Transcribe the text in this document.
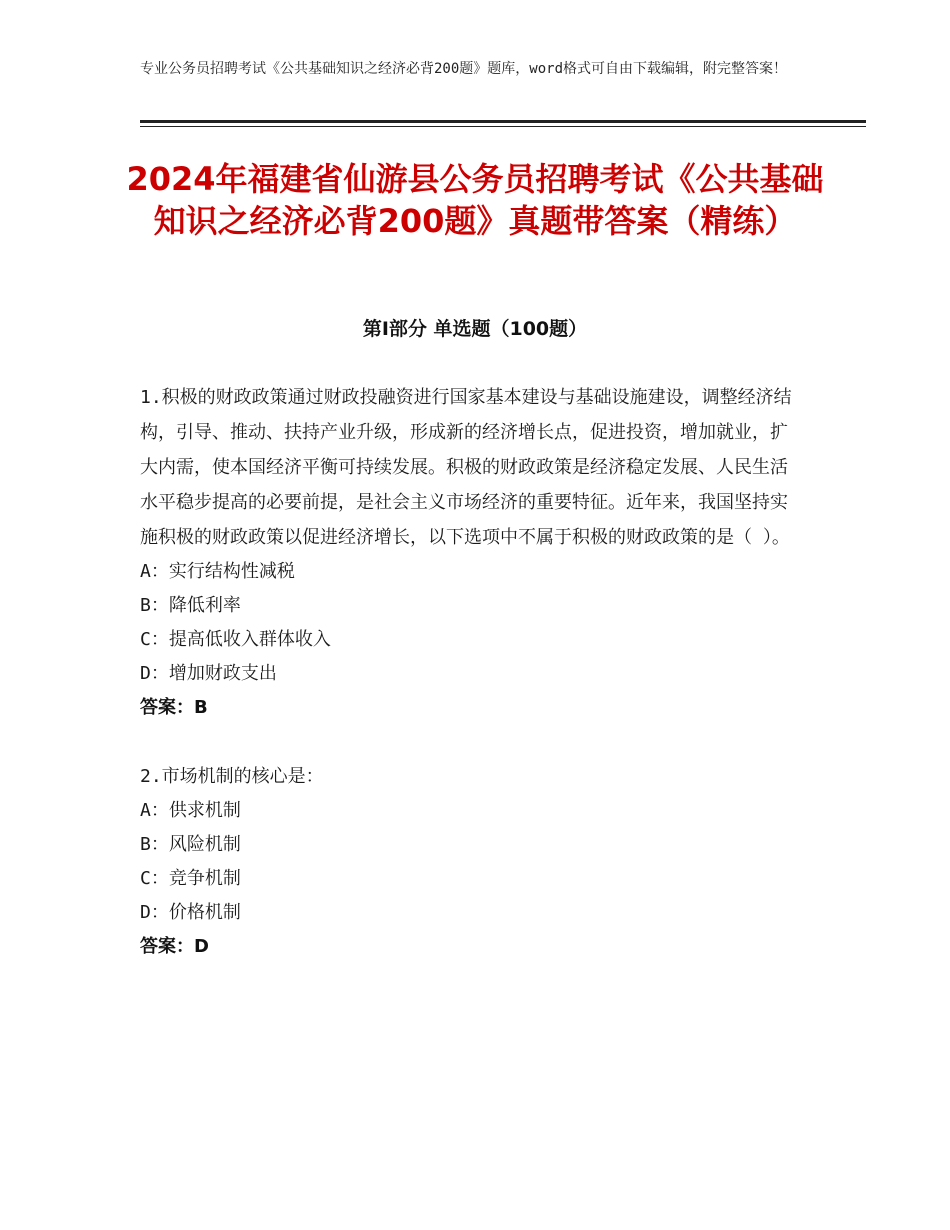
专业公务员招聘考试《公共基础知识之经济必背200题》题库，word格式可自由下载编辑，附完整答案！
2024年福建省仙游县公务员招聘考试《公共基础知识之经济必背200题》真题带答案（精练）
第Ⅰ部分 单选题（100题）
1.积极的财政政策通过财政投融资进行国家基本建设与基础设施建设，调整经济结构，引导、推动、扶持产业升级，形成新的经济增长点，促进投资，增加就业，扩大内需，使本国经济平衡可持续发展。积极的财政政策是经济稳定发展、人民生活水平稳步提高的必要前提，是社会主义市场经济的重要特征。近年来，我国坚持实施积极的财政政策以促进经济增长，以下选项中不属于积极的财政政策的是（ ）。
A：实行结构性减税
B：降低利率
C：提高低收入群体收入
D：增加财政支出
答案：B
2.市场机制的核心是：
A：供求机制
B：风险机制
C：竞争机制
D：价格机制
答案：D
